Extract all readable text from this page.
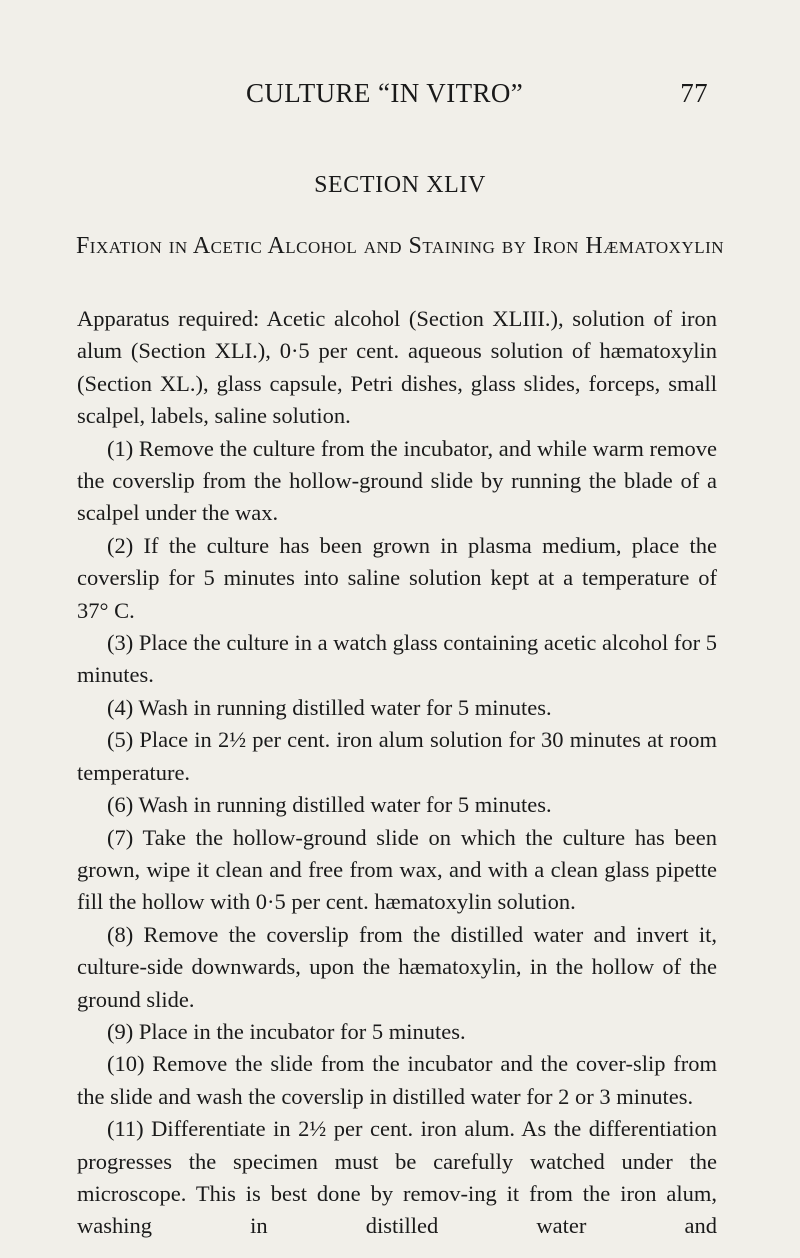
CULTURE “IN VITRO”	77
SECTION XLIV
Fixation in Acetic Alcohol and Staining by Iron Hæmatoxylin

Apparatus required: Acetic alcohol (Section XLIII.), solution of iron alum (Section XLI.), 0·5 per cent. aqueous solution of hæmatoxylin (Section XL.), glass capsule, Petri dishes, glass slides, forceps, small scalpel, labels, saline solution.

(1) Remove the culture from the incubator, and while warm remove the coverslip from the hollow-ground slide by running the blade of a scalpel under the wax.

(2) If the culture has been grown in plasma medium, place the coverslip for 5 minutes into saline solution kept at a temperature of 37° C.

(3) Place the culture in a watch glass containing acetic alcohol for 5 minutes.

(4) Wash in running distilled water for 5 minutes.

(5) Place in 2½ per cent. iron alum solution for 30 minutes at room temperature.

(6) Wash in running distilled water for 5 minutes.

(7) Take the hollow-ground slide on which the culture has been grown, wipe it clean and free from wax, and with a clean glass pipette fill the hollow with 0·5 per cent. hæmatoxylin solution.

(8) Remove the coverslip from the distilled water and invert it, culture-side downwards, upon the hæmatoxylin, in the hollow of the ground slide.

(9) Place in the incubator for 5 minutes.

(10) Remove the slide from the incubator and the cover-slip from the slide and wash the coverslip in distilled water for 2 or 3 minutes.

(11) Differentiate in 2½ per cent. iron alum. As the differentiation progresses the specimen must be carefully watched under the microscope. This is best done by remov-ing it from the iron alum, washing in distilled water and
